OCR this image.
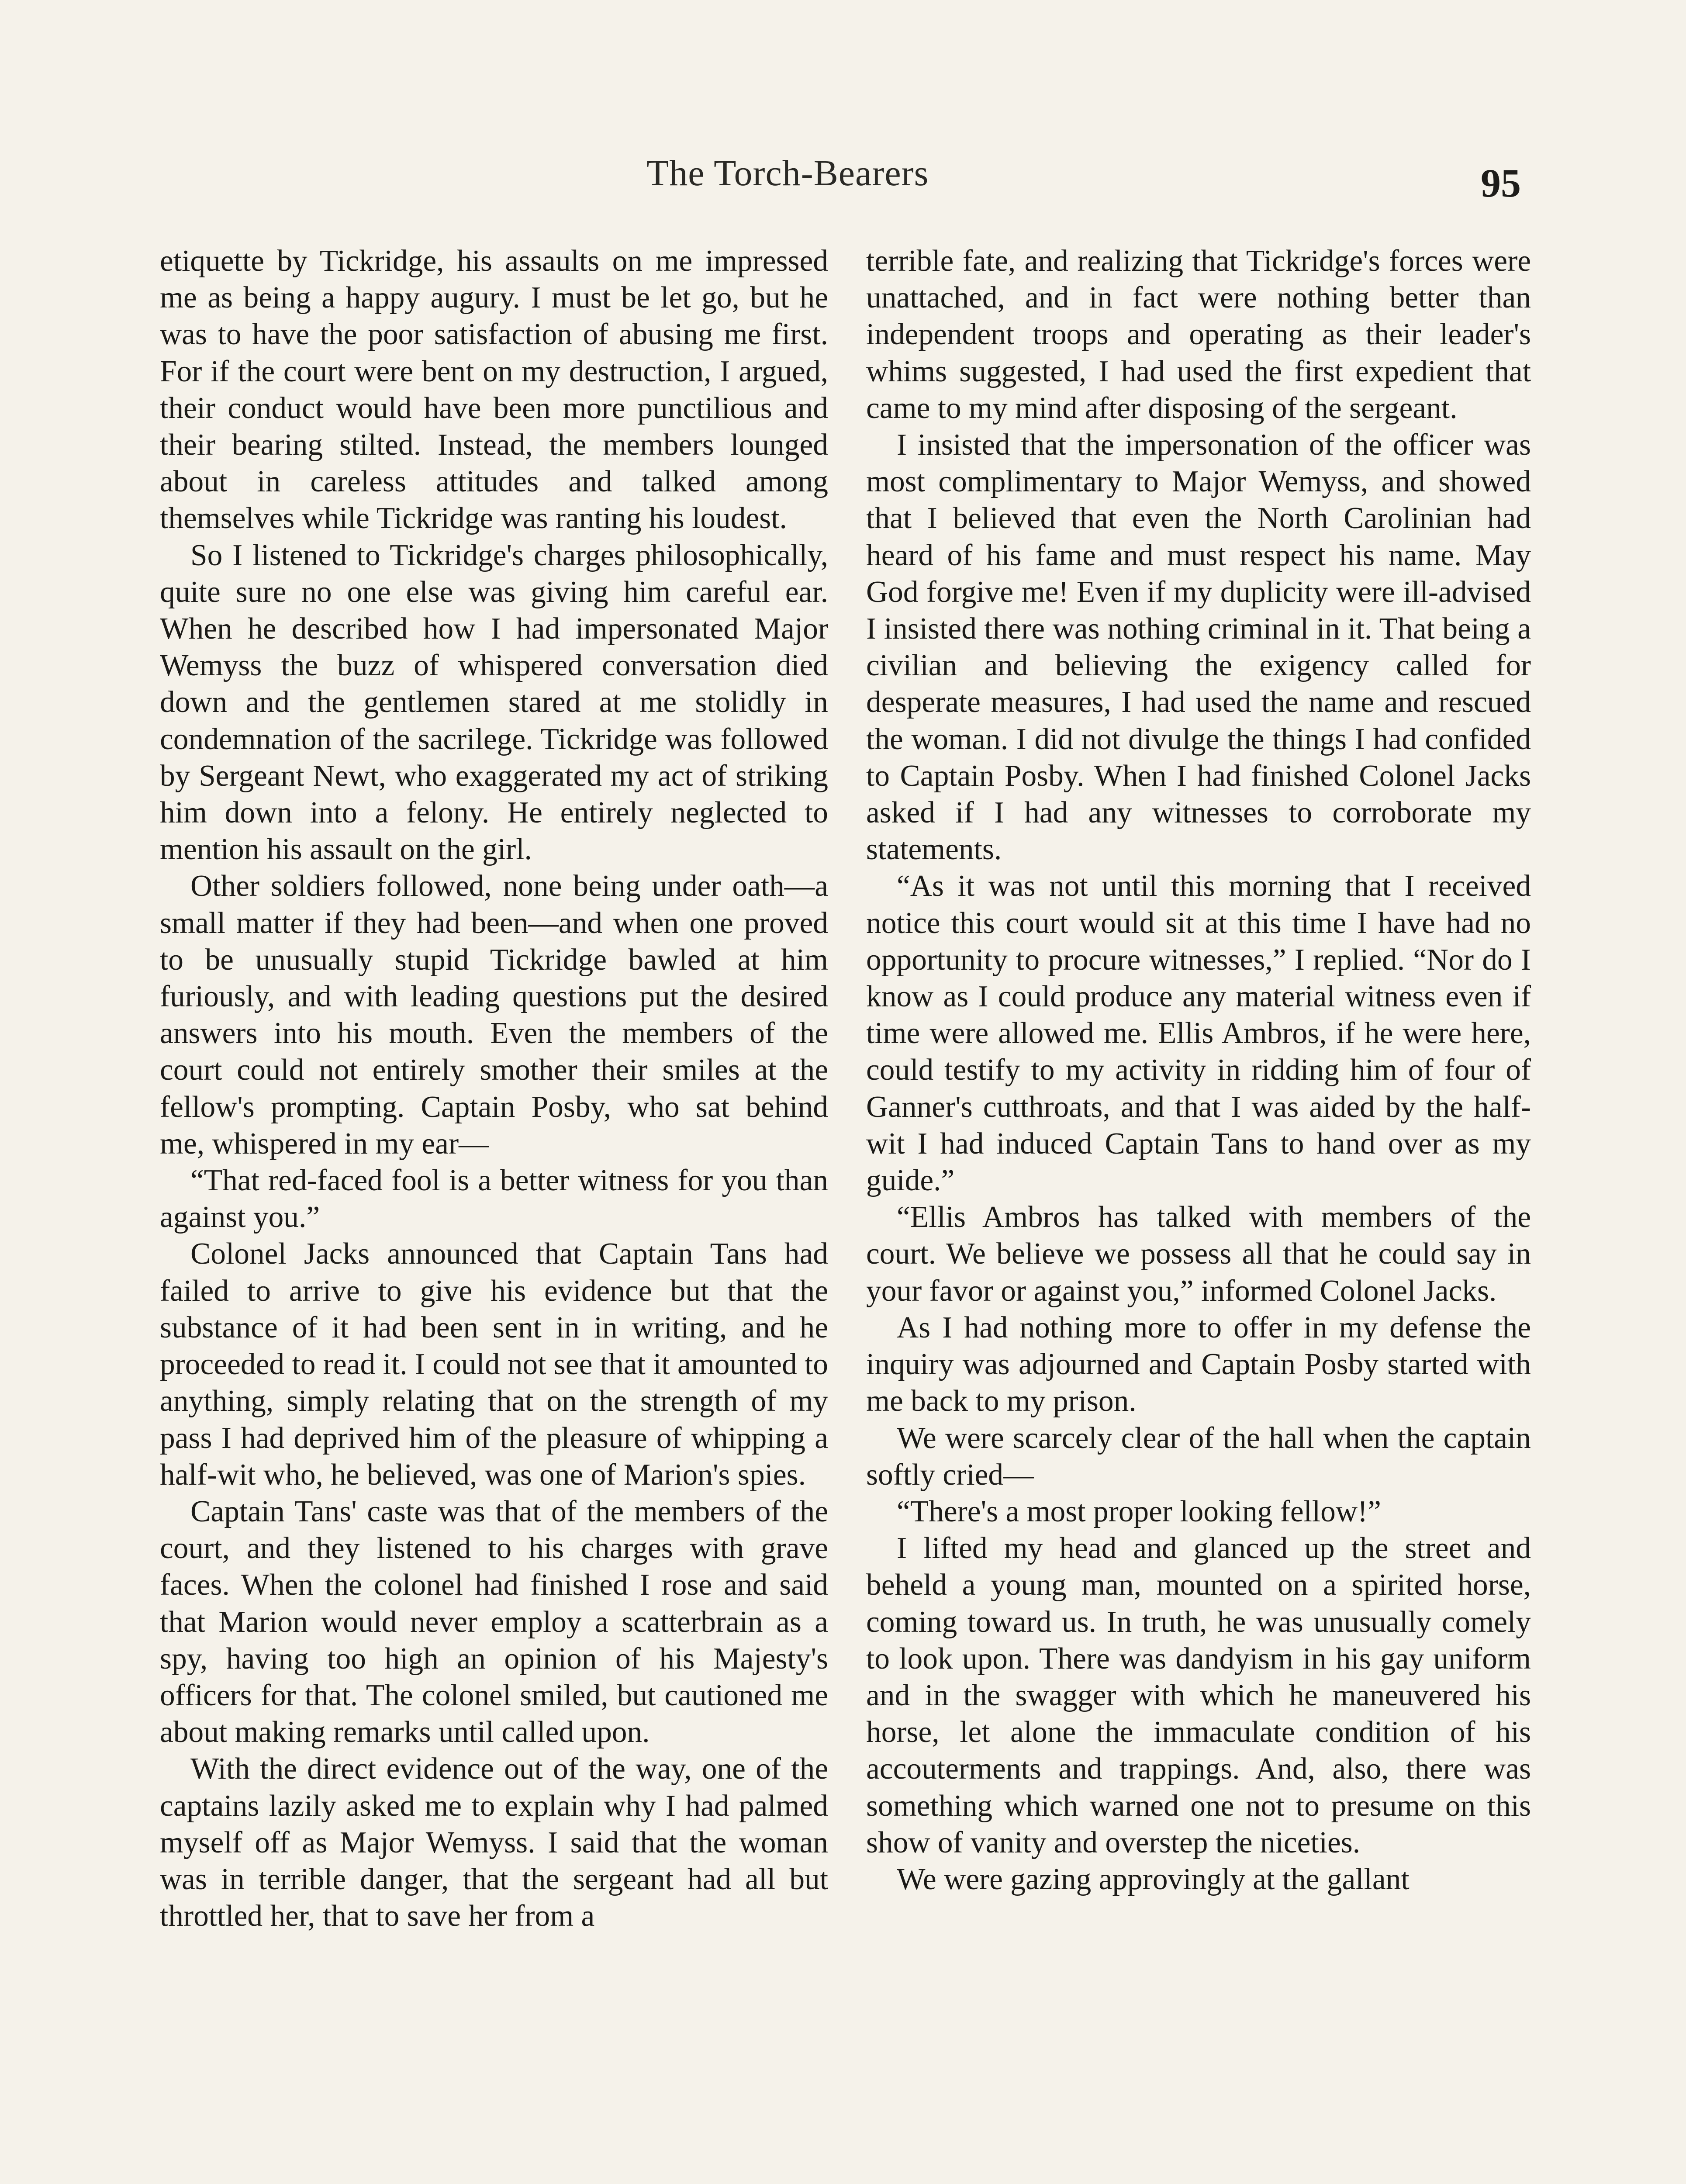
The Torch-Bearers	95

etiquette by Tickridge, his assaults on me impressed me as being a happy augury. I must be let go, but he was to have the poor satisfaction of abusing me first. For if the court were bent on my destruction, I argued, their conduct would have been more punctilious and their bearing stilted. Instead, the members lounged about in careless attitudes and talked among themselves while Tickridge was ranting his loudest.

So I listened to Tickridge's charges philosophically, quite sure no one else was giving him careful ear. When he described how I had impersonated Major Wemyss the buzz of whispered conversation died down and the gentlemen stared at me stolidly in condemnation of the sacrilege. Tickridge was followed by Sergeant Newt, who exaggerated my act of striking him down into a felony. He entirely neglected to mention his assault on the girl.

Other soldiers followed, none being under oath—a small matter if they had been—and when one proved to be unusually stupid Tickridge bawled at him furiously, and with leading questions put the desired answers into his mouth. Even the members of the court could not entirely smother their smiles at the fellow's prompting. Captain Posby, who sat behind me, whispered in my ear—

“That red-faced fool is a better witness for you than against you.”

Colonel Jacks announced that Captain Tans had failed to arrive to give his evidence but that the substance of it had been sent in in writing, and he proceeded to read it. I could not see that it amounted to anything, simply relating that on the strength of my pass I had deprived him of the pleasure of whipping a half-wit who, he believed, was one of Marion's spies.

Captain Tans' caste was that of the members of the court, and they listened to his charges with grave faces. When the colonel had finished I rose and said that Marion would never employ a scatterbrain as a spy, having too high an opinion of his Majesty's officers for that. The colonel smiled, but cautioned me about making remarks until called upon.

With the direct evidence out of the way, one of the captains lazily asked me to explain why I had palmed myself off as Major Wemyss. I said that the woman was in terrible danger, that the sergeant had all but throttled her, that to save her from a

terrible fate, and realizing that Tickridge's forces were unattached, and in fact were nothing better than independent troops and operating as their leader's whims suggested, I had used the first expedient that came to my mind after disposing of the sergeant.

I insisted that the impersonation of the officer was most complimentary to Major Wemyss, and showed that I believed that even the North Carolinian had heard of his fame and must respect his name. May God forgive me! Even if my duplicity were ill-advised I insisted there was nothing criminal in it. That being a civilian and believing the exigency called for desperate measures, I had used the name and rescued the woman. I did not divulge the things I had confided to Captain Posby. When I had finished Colonel Jacks asked if I had any witnesses to corroborate my statements.

“As it was not until this morning that I received notice this court would sit at this time I have had no opportunity to procure witnesses,” I replied. “Nor do I know as I could produce any material witness even if time were allowed me. Ellis Ambros, if he were here, could testify to my activity in ridding him of four of Ganner's cutthroats, and that I was aided by the half-wit I had induced Captain Tans to hand over as my guide.”

“Ellis Ambros has talked with members of the court. We believe we possess all that he could say in your favor or against you,” informed Colonel Jacks.

As I had nothing more to offer in my defense the inquiry was adjourned and Captain Posby started with me back to my prison.

We were scarcely clear of the hall when the captain softly cried—

“There's a most proper looking fellow!”

I lifted my head and glanced up the street and beheld a young man, mounted on a spirited horse, coming toward us. In truth, he was unusually comely to look upon. There was dandyism in his gay uniform and in the swagger with which he maneuvered his horse, let alone the immaculate condition of his accouterments and trappings. And, also, there was something which warned one not to presume on this show of vanity and overstep the niceties.

We were gazing approvingly at the gallant
